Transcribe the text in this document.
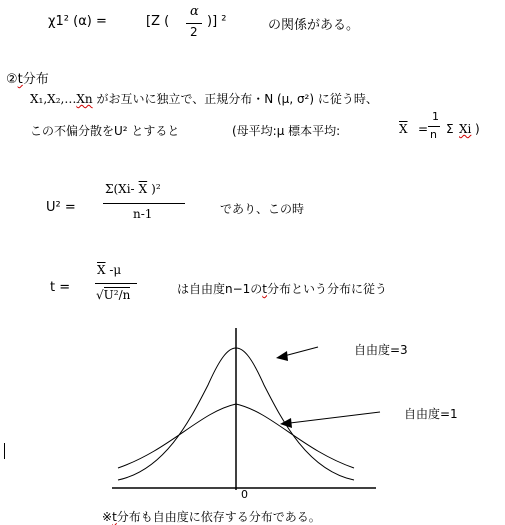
χ1² (α) =	[Z (
α
2
)] ²	の関係がある。
②t分布
X₁,X₂,…Xn がお互いに独立で、正規分布・N (μ, σ²) に従う時、
この不偏分散をU² とすると	(母平均:μ 標本平均:	$\overline{X}$ =
1
n Σ Xi )
U² =
Σ(Xi- $\overline{X}$ )²
n-1	であり、この時
t =
$\overline{X}$ -μ
√U²/n	は自由度n−1のt分布という分布に従う
自由度=3
自由度=1
0
※t分布も自由度に依存する分布である。
